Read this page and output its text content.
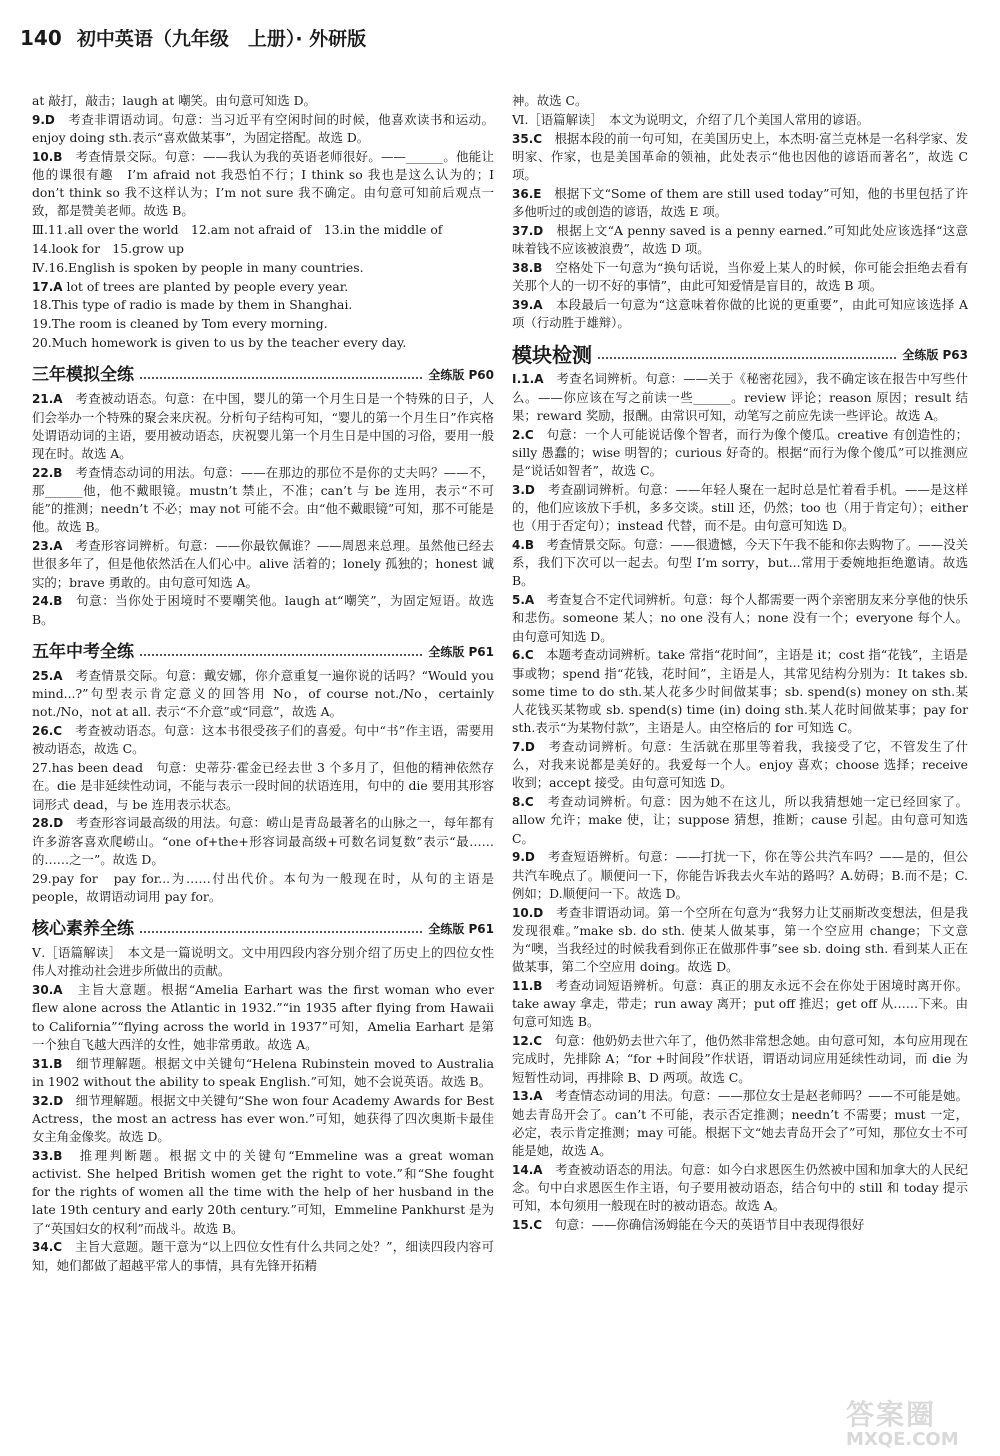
140 初中英语（九年级　上册）· 外研版
at 敲打，敲击；laugh at 嘲笑。由句意可知选 D。
9.D　考查非谓语动词。句意：当习近平有空闲时间的时候，他喜欢读书和运动。enjoy doing sth.表示“喜欢做某事”，为固定搭配。故选 D。
10.B　考查情景交际。句意：——我认为我的英语老师很好。——______。他能让他的课很有趣　I’m afraid not 我恐怕不行；I think so 我也是这么认为的；I don’t think so 我不这样认为；I’m not sure 我不确定。由句意可知前后观点一致，都是赞美老师。故选 B。
Ⅲ.11.all over the world　12.am not afraid of　13.in the middle of
14.look for　15.grow up
Ⅳ.16.English is spoken by people in many countries.
17.A lot of trees are planted by people every year.
18.This type of radio is made by them in Shanghai.
19.The room is cleaned by Tom every morning.
20.Much homework is given to us by the teacher every day.
三年模拟全练	全练版 P60
21.A　考查被动语态。句意：在中国，婴儿的第一个月生日是一个特殊的日子，人们会举办一个特殊的聚会来庆祝。分析句子结构可知，“婴儿的第一个月生日”作宾格处谓语动词的主语，要用被动语态，庆祝婴儿第一个月生日是中国的习俗，要用一般现在时。故选 A。
22.B　考查情态动词的用法。句意：——在那边的那位不是你的丈夫吗？——不，那______他，他不戴眼镜。mustn’t 禁止，不准；can’t 与 be 连用，表示“不可能”的推测；needn’t 不必；may not 可能不会。由“他不戴眼镜”可知，那不可能是他。故选 B。
23.A　考查形容词辨析。句意：——你最钦佩谁？——周恩来总理。虽然他已经去世很多年了，但是他依然活在人们心中。alive 活着的；lonely 孤独的；honest 诚实的；brave 勇敢的。由句意可知选 A。
24.B　句意：当你处于困境时不要嘲笑他。laugh at“嘲笑”，为固定短语。故选 B。
五年中考全练	全练版 P61
25.A　考查情景交际。句意：戴安娜，你介意重复一遍你说的话吗？“Would you mind...?”句型表示肯定意义的回答用 No，of course not./No，certainly not./No，not at all. 表示“不介意”或“同意”，故选 A。
26.C　考查被动语态。句意：这本书很受孩子们的喜爱。句中“书”作主语，需要用被动语态，故选 C。
27.has been dead　句意：史蒂芬·霍金已经去世 3 个多月了，但他的精神依然存在。die 是非延续性动词，不能与表示一段时间的状语连用，句中的 die 要用其形容词形式 dead，与 be 连用表示状态。
28.D　考查形容词最高级的用法。句意：崂山是青岛最著名的山脉之一，每年都有许多游客喜欢爬崂山。“one of+the+形容词最高级+可数名词复数”表示“最……的……之一”。故选 D。
29.pay for　pay for...为……付出代价。本句为一般现在时，从句的主语是 people，故谓语动词用 pay for。
核心素养全练	全练版 P61
Ⅴ.［语篇解读］　本文是一篇说明文。文中用四段内容分别介绍了历史上的四位女性伟人对推动社会进步所做出的贡献。
30.A　主旨大意题。根据“Amelia Earhart was the first woman who ever flew alone across the Atlantic in 1932.”“in 1935 after flying from Hawaii to California”“flying across the world in 1937”可知，Amelia Earhart 是第一个独自飞越大西洋的女性，她非常勇敢。故选 A。
31.B　细节理解题。根据文中关键句“Helena Rubinstein moved to Australia in 1902 without the ability to speak English.”可知，她不会说英语。故选 B。
32.D　细节理解题。根据文中关键句“She won four Academy Awards for Best Actress，the most an actress has ever won.”可知，她获得了四次奥斯卡最佳女主角金像奖。故选 D。
33.B　推理判断题。根据文中的关键句“Emmeline was a great woman activist. She helped British women get the right to vote.”和“She fought for the rights of women all the time with the help of her husband in the late 19th century and early 20th century.”可知，Emmeline Pankhurst 是为了“英国妇女的权利”而战斗。故选 B。
34.C　主旨大意题。题干意为“以上四位女性有什么共同之处？”，细读四段内容可知，她们都做了超越平常人的事情，具有先锋开拓精
神。故选 C。
Ⅵ.［语篇解读］　本文为说明文，介绍了几个美国人常用的谚语。
35.C　根据本段的前一句可知，在美国历史上，本杰明·富兰克林是一名科学家、发明家、作家，也是美国革命的领袖，此处表示“他也因他的谚语而著名”，故选 C 项。
36.E　根据下文“Some of them are still used today”可知，他的书里包括了许多他听过的或创造的谚语，故选 E 项。
37.D　根据上文“A penny saved is a penny earned.”可知此处应该选择“这意味着钱不应该被浪费”，故选 D 项。
38.B　空格处下一句意为“换句话说，当你爱上某人的时候，你可能会拒绝去看有关那个人的一切不好的事情”，由此可知爱情是盲目的，故选 B 项。
39.A　本段最后一句意为“这意味着你做的比说的更重要”，由此可知应该选择 A 项（行动胜于雄辩）。
模块检测	全练版 P63
Ⅰ.1.A　考查名词辨析。句意：——关于《秘密花园》，我不确定该在报告中写些什么。——你应该在写之前读一些______。review 评论；reason 原因；result 结果；reward 奖励，报酬。由常识可知，动笔写之前应先读一些评论。故选 A。
2.C　句意：一个人可能说话像个智者，而行为像个傻瓜。creative 有创造性的；silly 愚蠢的；wise 明智的；curious 好奇的。根据“而行为像个傻瓜”可以推测应是“说话如智者”，故选 C。
3.D　考查副词辨析。句意：——年轻人聚在一起时总是忙着看手机。——是这样的，他们应该放下手机，多多交谈。still 还，仍然；too 也（用于肯定句）；either 也（用于否定句）；instead 代替，而不是。由句意可知选 D。
4.B　考查情景交际。句意：——很遗憾，今天下午我不能和你去购物了。——没关系，我们下次可以一起去。句型 I’m sorry，but...常用于委婉地拒绝邀请。故选 B。
5.A　考查复合不定代词辨析。句意：每个人都需要一两个亲密朋友来分享他的快乐和悲伤。someone 某人；no one 没有人；none 没有一个；everyone 每个人。由句意可知选 D。
6.C　本题考查动词辨析。take 常指“花时间”，主语是 it；cost 指“花钱”，主语是事或物；spend 指“花钱，花时间”，主语是人，其常见结构分别为：It takes sb. some time to do sth.某人花多少时间做某事；sb. spend(s) money on sth.某人花钱买某物或 sb. spend(s) time (in) doing sth.某人花时间做某事；pay for sth.表示“为某物付款”，主语是人。由空格后的 for 可知选 C。
7.D　考查动词辨析。句意：生活就在那里等着我，我接受了它，不管发生了什么，对我来说都是美好的。我爱每一个人。enjoy 喜欢；choose 选择；receive 收到；accept 接受。由句意可知选 D。
8.C　考查动词辨析。句意：因为她不在这儿，所以我猜想她一定已经回家了。allow 允许；make 使，让；suppose 猜想，推断；cause 引起。由句意可知选 C。
9.D　考查短语辨析。句意：——打扰一下，你在等公共汽车吗？——是的，但公共汽车晚点了。顺便问一下，你能告诉我去火车站的路吗？A.妨碍；B.而不是；C.例如；D.顺便问一下。故选 D。
10.D　考查非谓语动词。第一个空所在句意为“我努力让艾丽斯改变想法，但是我发现很难。”make sb. do sth. 使某人做某事，第一个空应用 change；下文意为“噢，当我经过的时候我看到你正在做那件事”see sb. doing sth. 看到某人正在做某事，第二个空应用 doing。故选 D。
11.B　考查动词短语辨析。句意：真正的朋友永远不会在你处于困境时离开你。take away 拿走，带走；run away 离开；put off 推迟；get off 从……下来。由句意可知选 B。
12.C　句意：他奶奶去世六年了，他仍然非常想念她。由句意可知，本句应用现在完成时，先排除 A；“for +时间段”作状语，谓语动词应用延续性动词，而 die 为短暂性动词，再排除 B、D 两项。故选 C。
13.A　考查情态动词的用法。句意：——那位女士是赵老师吗？——不可能是她。她去青岛开会了。can’t 不可能，表示否定推测；needn’t 不需要；must 一定，必定，表示肯定推测；may 可能。根据下文“她去青岛开会了”可知，那位女士不可能是她，故选 A。
14.A　考查被动语态的用法。句意：如今白求恩医生仍然被中国和加拿大的人民纪念。句中白求恩医生作主语，句子要用被动语态，结合句中的 still 和 today 提示可知，本句须用一般现在时的被动语态。故选 A。
15.C　句意：——你确信汤姆能在今天的英语节目中表现得很好
答案圈
MXQE.COM
